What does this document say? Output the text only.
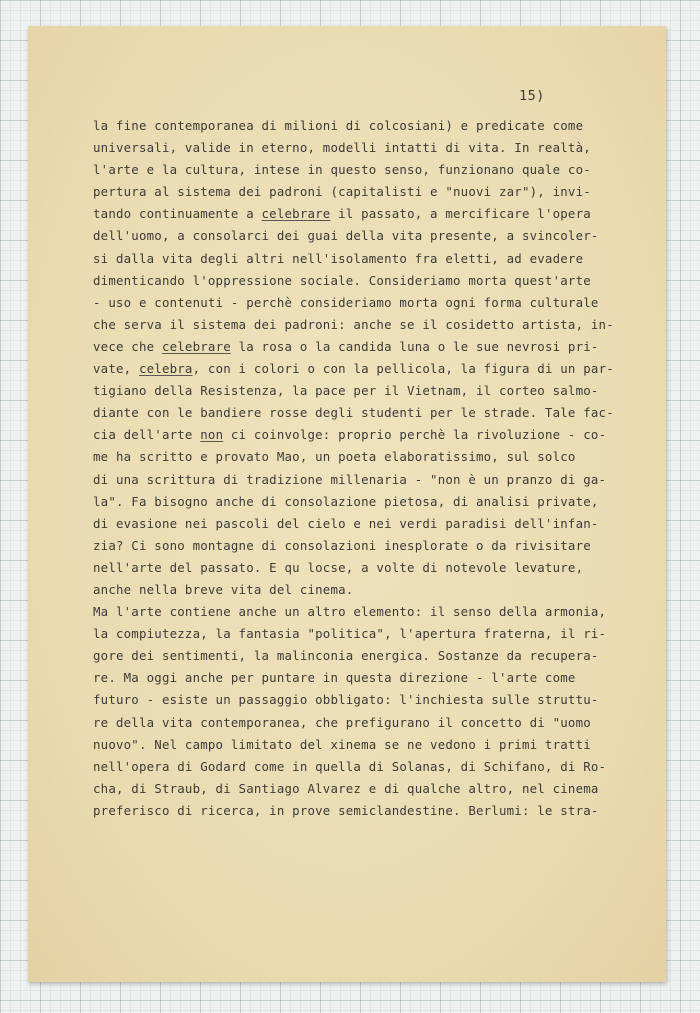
15)
la fine contemporanea di milioni di colcosiani) e predicate come
universali, valide in eterno, modelli intatti di vita. In realtà,
l'arte e la cultura, intese in questo senso, funzionano quale co-
pertura al sistema dei padroni (capitalisti e "nuovi zar"), invi-
tando continuamente a celebrare il passato, a mercificare l'opera
dell'uomo, a consolarci dei guai della vita presente, a svincoler-
si dalla vita degli altri nell'isolamento fra eletti, ad evadere
dimenticando l'oppressione sociale. Consideriamo morta quest'arte
- uso e contenuti - perchè consideriamo morta ogni forma culturale
che serva il sistema dei padroni: anche se il cosidetto artista, in-
vece che celebrare la rosa o la candida luna o le sue nevrosi pri-
vate, celebra, con i colori o con la pellicola, la figura di un par-
tigiano della Resistenza, la pace per il Vietnam, il corteo salmo-
diante con le bandiere rosse degli studenti per le strade. Tale fac-
cia dell'arte non ci coinvolge: proprio perchè la rivoluzione - co-
me ha scritto e provato Mao, un poeta elaboratissimo, sul solco
di una scrittura di tradizione millenaria - "non è un pranzo di ga-
la". Fa bisogno anche di consolazione pietosa, di analisi private,
di evasione nei pascoli del cielo e nei verdi paradisi dell'infan-
zia? Ci sono montagne di consolazioni inesplorate o da rivisitare
nell'arte del passato. E qu locse, a volte di notevole levature,
anche nella breve vita del cinema.
Ma l'arte contiene anche un altro elemento: il senso della armonia,
la compiutezza, la fantasia "politica", l'apertura fraterna, il ri-
gore dei sentimenti, la malinconia energica. Sostanze da recupera-
re. Ma oggi anche per puntare in questa direzione - l'arte come
futuro - esiste un passaggio obbligato: l'inchiesta sulle struttu-
re della vita contemporanea, che prefigurano il concetto di "uomo
nuovo". Nel campo limitato del xinema se ne vedono i primi tratti
nell'opera di Godard come in quella di Solanas, di Schifano, di Ro-
cha, di Straub, di Santiago Alvarez e di qualche altro, nel cinema
preferisco di ricerca, in prove semiclandestine. Berlumi: le stra-
